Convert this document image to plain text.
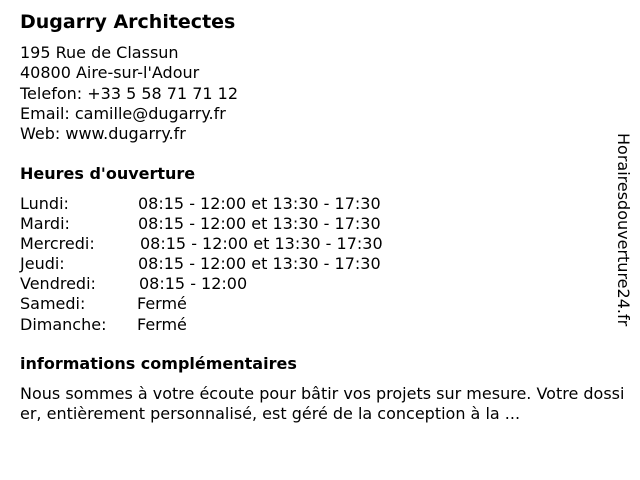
Dugarry Architectes
195 Rue de Classun
40800 Aire-sur-l'Adour
Telefon: +33 5 58 71 71 12
Email: camille@dugarry.fr
Web: www.dugarry.fr
Heures d'ouverture
Lundi:	08:15 - 12:00 et 13:30 - 17:30
Mardi:	08:15 - 12:00 et 13:30 - 17:30
Mercredi:	08:15 - 12:00 et 13:30 - 17:30
Jeudi:	08:15 - 12:00 et 13:30 - 17:30
Vendredi:	08:15 - 12:00
Samedi:	Fermé
Dimanche: Fermé
informations complémentaires
Nous sommes à votre écoute pour bâtir vos projets sur mesure. Votre dossier, entièrement personnalisé, est géré de la conception à la ...
Horairesdouverture24.fr
